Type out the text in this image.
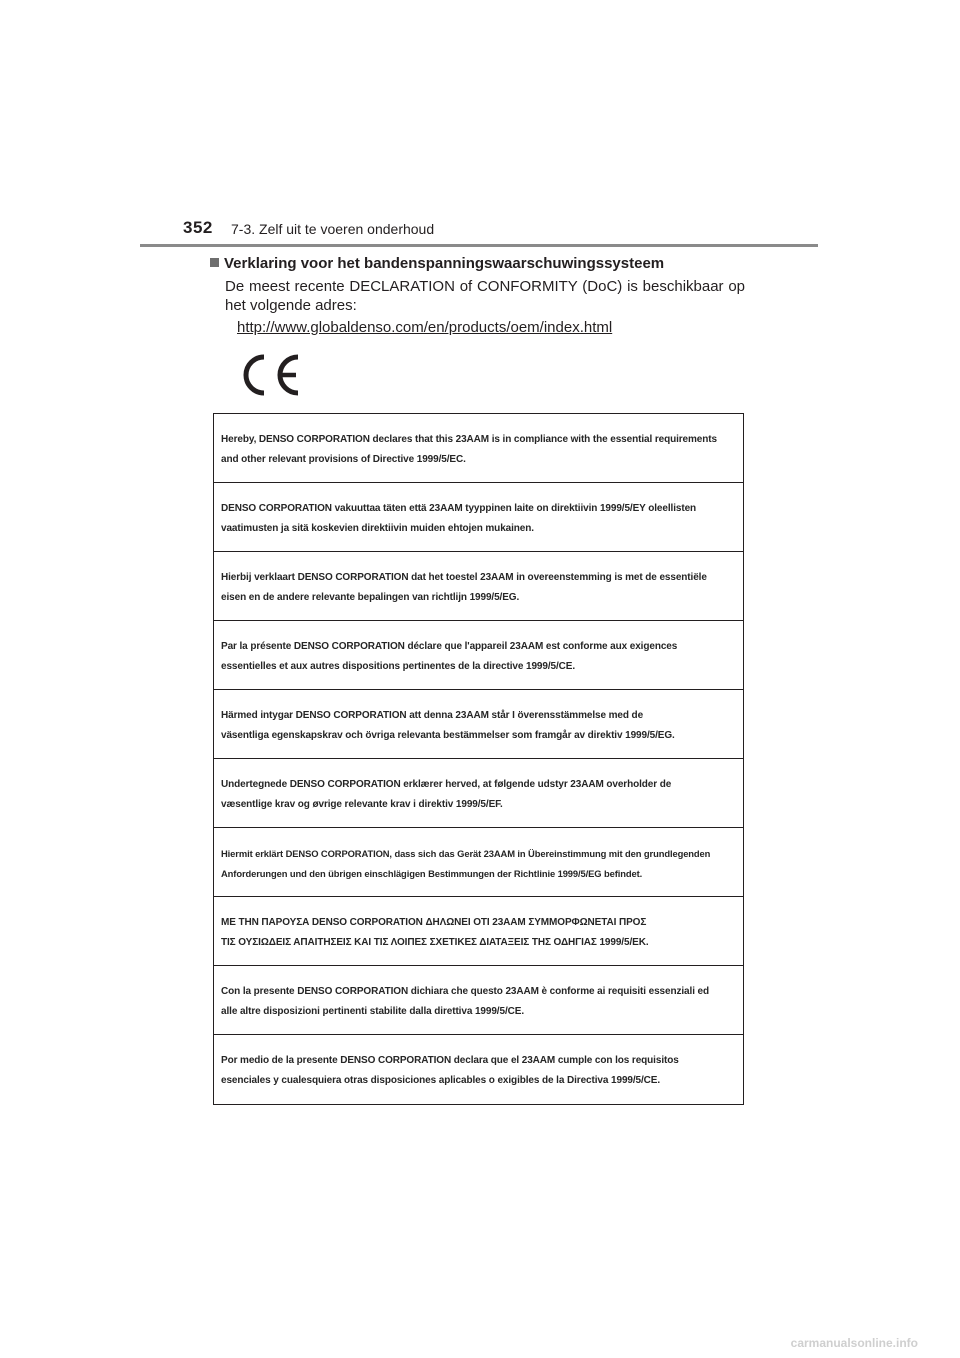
352 7-3. Zelf uit te voeren onderhoud
Verklaring voor het bandenspanningswaarschuwingssysteem
De meest recente DECLARATION of CONFORMITY (DoC) is beschikbaar op het volgende adres:
http://www.globaldenso.com/en/products/oem/index.html
Hereby, DENSO CORPORATION declares that this 23AAM is in compliance with the essential requirements
and other relevant provisions of Directive 1999/5/EC.
DENSO CORPORATION vakuuttaa täten että 23AAM tyyppinen laite on direktiivin 1999/5/EY oleellisten
vaatimusten ja sitä koskevien direktiivin muiden ehtojen mukainen.
Hierbij verklaart DENSO CORPORATION dat het toestel 23AAM in overeenstemming is met de essentiële
eisen en de andere relevante bepalingen van richtlijn 1999/5/EG.
Par la présente DENSO CORPORATION déclare que l'appareil 23AAM est conforme aux exigences
essentielles et aux autres dispositions pertinentes de la directive 1999/5/CE.
Härmed intygar DENSO CORPORATION att denna 23AAM står I överensstämmelse med de
väsentliga egenskapskrav och övriga relevanta bestämmelser som framgår av direktiv 1999/5/EG.
Undertegnede DENSO CORPORATION erklærer herved, at følgende udstyr 23AAM overholder de
væsentlige krav og øvrige relevante krav i direktiv 1999/5/EF.
Hiermit erklärt DENSO CORPORATION, dass sich das Gerät 23AAM in Übereinstimmung mit den grundlegenden
Anforderungen und den übrigen einschlägigen Bestimmungen der Richtlinie 1999/5/EG befindet.
ΜΕ ΤΗΝ ΠΑΡΟΥΣΑ DENSO CORPORATION ΔΗΛΩΝΕΙ ΟΤΙ 23AAM ΣΥΜΜΟΡΦΩΝΕΤΑΙ ΠΡΟΣ
ΤΙΣ ΟΥΣΙΩΔΕΙΣ ΑΠΑΙΤΗΣΕΙΣ ΚΑΙ ΤΙΣ ΛΟΙΠΕΣ ΣΧΕΤΙΚΕΣ ΔΙΑΤΑΞΕΙΣ ΤΗΣ ΟΔΗΓΙΑΣ 1999/5/ΕΚ.
Con la presente DENSO CORPORATION dichiara che questo 23AAM è conforme ai requisiti essenziali ed
alle altre disposizioni pertinenti stabilite dalla direttiva 1999/5/CE.
Por medio de la presente DENSO CORPORATION declara que el 23AAM cumple con los requisitos
esenciales y cualesquiera otras disposiciones aplicables o exigibles de la Directiva 1999/5/CE.
carmanualsonline.info
